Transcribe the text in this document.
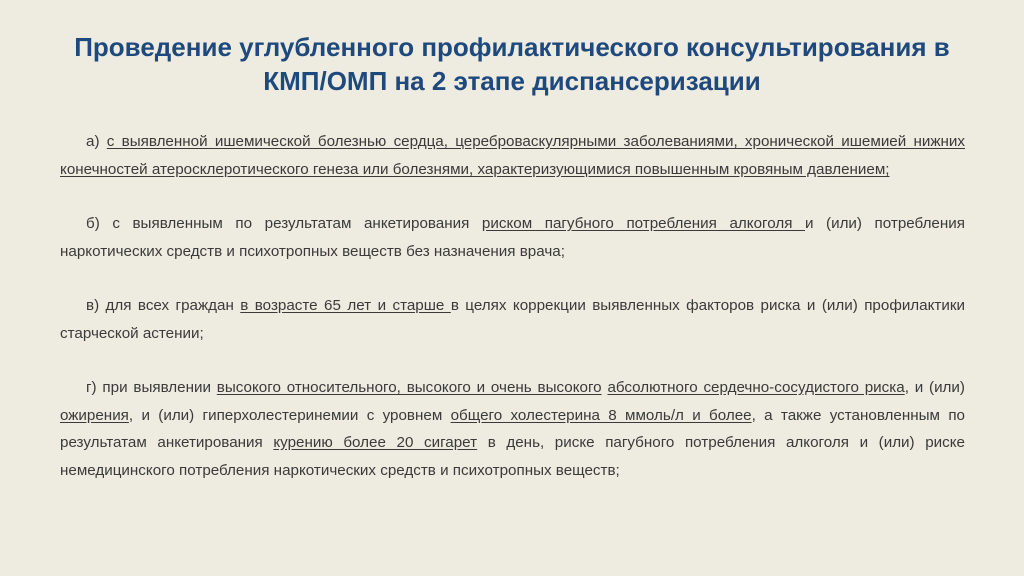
Проведение углубленного профилактического консультирования в КМП/ОМП на 2 этапе диспансеризации

а) с выявленной ишемической болезнью сердца, цереброваскулярными заболеваниями, хронической ишемией нижних конечностей атеросклеротического генеза или болезнями, характеризующимися повышенным кровяным давлением;

б) с выявленным по результатам анкетирования риском пагубного потребления алкоголя и (или) потребления наркотических средств и психотропных веществ без назначения врача;

в) для всех граждан в возрасте 65 лет и старше в целях коррекции выявленных факторов риска и (или) профилактики старческой астении;

г) при выявлении высокого относительного, высокого и очень высокого абсолютного сердечно-сосудистого риска, и (или) ожирения, и (или) гиперхолестеринемии с уровнем общего холестерина 8 ммоль/л и более, а также установленным по результатам анкетирования курению более 20 сигарет в день, риске пагубного потребления алкоголя и (или) риске немедицинского потребления наркотических средств и психотропных веществ;
